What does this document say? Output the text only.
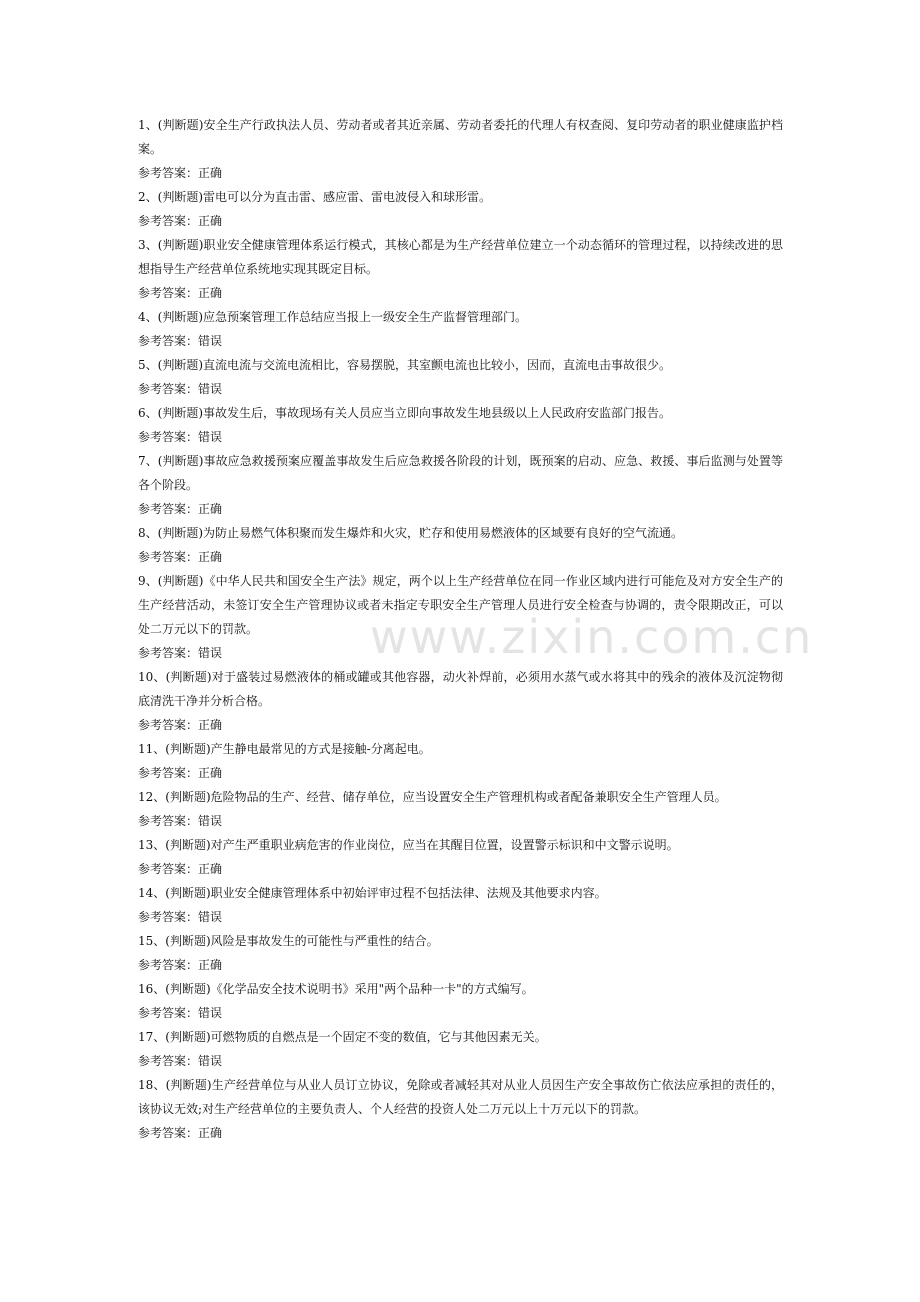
www.zixin.com.cn

1、(判断题)安全生产行政执法人员、劳动者或者其近亲属、劳动者委托的代理人有权查阅、复印劳动者的职业健康监护档案。

参考答案：正确

2、(判断题)雷电可以分为直击雷、感应雷、雷电波侵入和球形雷。

参考答案：正确

3、(判断题)职业安全健康管理体系运行模式，其核心都是为生产经营单位建立一个动态循环的管理过程，以持续改进的思想指导生产经营单位系统地实现其既定目标。

参考答案：正确

4、(判断题)应急预案管理工作总结应当报上一级安全生产监督管理部门。

参考答案：错误

5、(判断题)直流电流与交流电流相比，容易摆脱，其室颤电流也比较小，因而，直流电击事故很少。

参考答案：错误

6、(判断题)事故发生后，事故现场有关人员应当立即向事故发生地县级以上人民政府安监部门报告。

参考答案：错误

7、(判断题)事故应急救援预案应覆盖事故发生后应急救援各阶段的计划，既预案的启动、应急、救援、事后监测与处置等各个阶段。

参考答案：正确

8、(判断题)为防止易燃气体积聚而发生爆炸和火灾，贮存和使用易燃液体的区域要有良好的空气流通。

参考答案：正确

9、(判断题)《中华人民共和国安全生产法》规定，两个以上生产经营单位在同一作业区域内进行可能危及对方安全生产的生产经营活动，未签订安全生产管理协议或者未指定专职安全生产管理人员进行安全检查与协调的，责令限期改正，可以处二万元以下的罚款。

参考答案：错误

10、(判断题)对于盛装过易燃液体的桶或罐或其他容器，动火补焊前，必须用水蒸气或水将其中的残余的液体及沉淀物彻底清洗干净并分析合格。

参考答案：正确

11、(判断题)产生静电最常见的方式是接触-分离起电。

参考答案：正确

12、(判断题)危险物品的生产、经营、储存单位，应当设置安全生产管理机构或者配备兼职安全生产管理人员。

参考答案：错误

13、(判断题)对产生严重职业病危害的作业岗位，应当在其醒目位置，设置警示标识和中文警示说明。

参考答案：正确

14、(判断题)职业安全健康管理体系中初始评审过程不包括法律、法规及其他要求内容。

参考答案：错误

15、(判断题)风险是事故发生的可能性与严重性的结合。

参考答案：正确

16、(判断题)《化学品安全技术说明书》采用"两个品种一卡"的方式编写。

参考答案：错误

17、(判断题)可燃物质的自燃点是一个固定不变的数值，它与其他因素无关。

参考答案：错误

18、(判断题)生产经营单位与从业人员订立协议，免除或者减轻其对从业人员因生产安全事故伤亡依法应承担的责任的，该协议无效;对生产经营单位的主要负责人、个人经营的投资人处二万元以上十万元以下的罚款。

参考答案：正确
